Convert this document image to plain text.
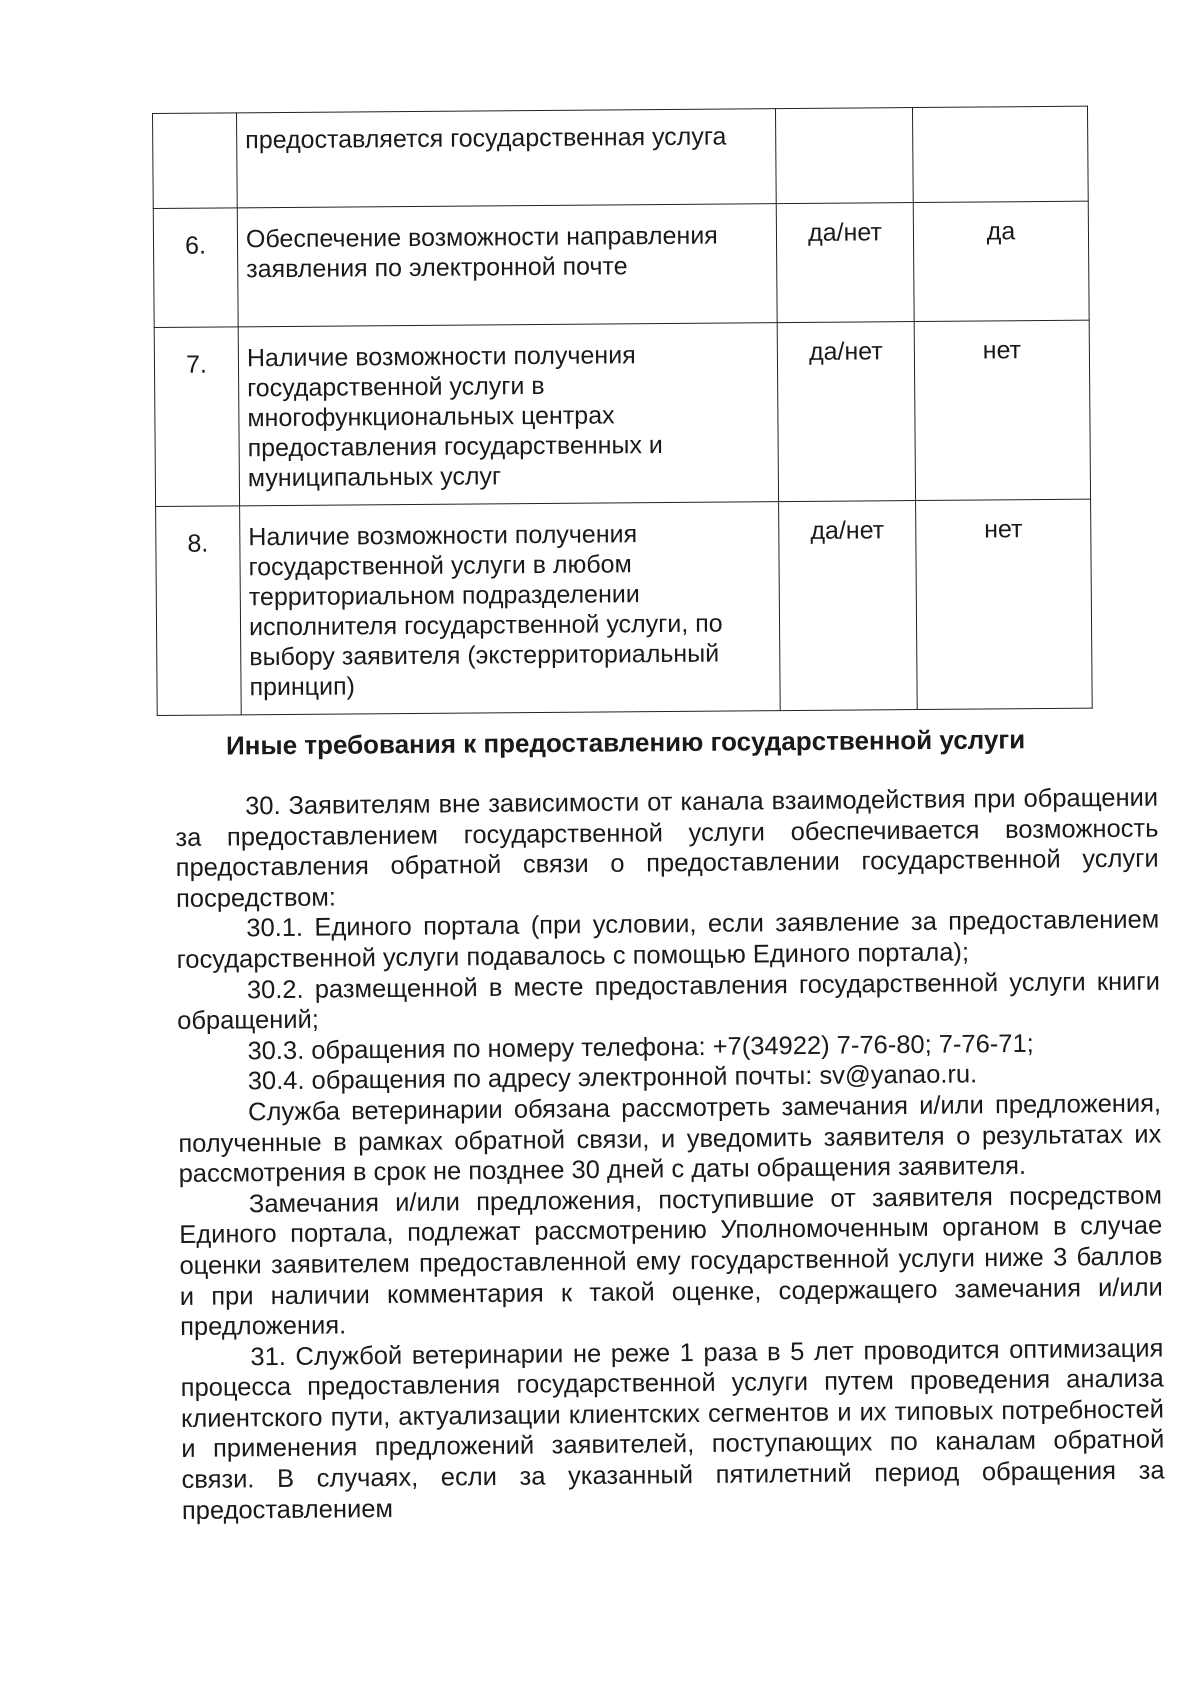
	предоставляется государственная услуга		
6.	Обеспечение возможности направления заявления по электронной почте	да/нет	да
7.	Наличие возможности получения государственной услуги в многофункциональных центрах предоставления государственных и муниципальных услуг	да/нет	нет
8.	Наличие возможности получения государственной услуги в любом территориальном подразделении исполнителя государственной услуги, по выбору заявителя (экстерриториальный принцип)	да/нет	нет
Иные требования к предоставлению государственной услуги

30. Заявителям вне зависимости от канала взаимодействия при обращении за предоставлением государственной услуги обеспечивается возможность предоставления обратной связи о предоставлении государственной услуги посредством:

30.1. Единого портала (при условии, если заявление за предоставлением государственной услуги подавалось с помощью Единого портала);

30.2. размещенной в месте предоставления государственной услуги книги обращений;

30.3. обращения по номеру телефона: +7(34922) 7-76-80; 7-76-71;

30.4. обращения по адресу электронной почты: sv@yanao.ru.

Служба ветеринарии обязана рассмотреть замечания и/или предложения, полученные в рамках обратной связи, и уведомить заявителя о результатах их рассмотрения в срок не позднее 30 дней с даты обращения заявителя.

Замечания и/или предложения, поступившие от заявителя посредством Единого портала, подлежат рассмотрению Уполномоченным органом в случае оценки заявителем предоставленной ему государственной услуги ниже 3 баллов и при наличии комментария к такой оценке, содержащего замечания и/или предложения.

31. Службой ветеринарии не реже 1 раза в 5 лет проводится оптимизация процесса предоставления государственной услуги путем проведения анализа клиентского пути, актуализации клиентских сегментов и их типовых потребностей и применения предложений заявителей, поступающих по каналам обратной связи. В случаях, если за указанный пятилетний период обращения за предоставлением
